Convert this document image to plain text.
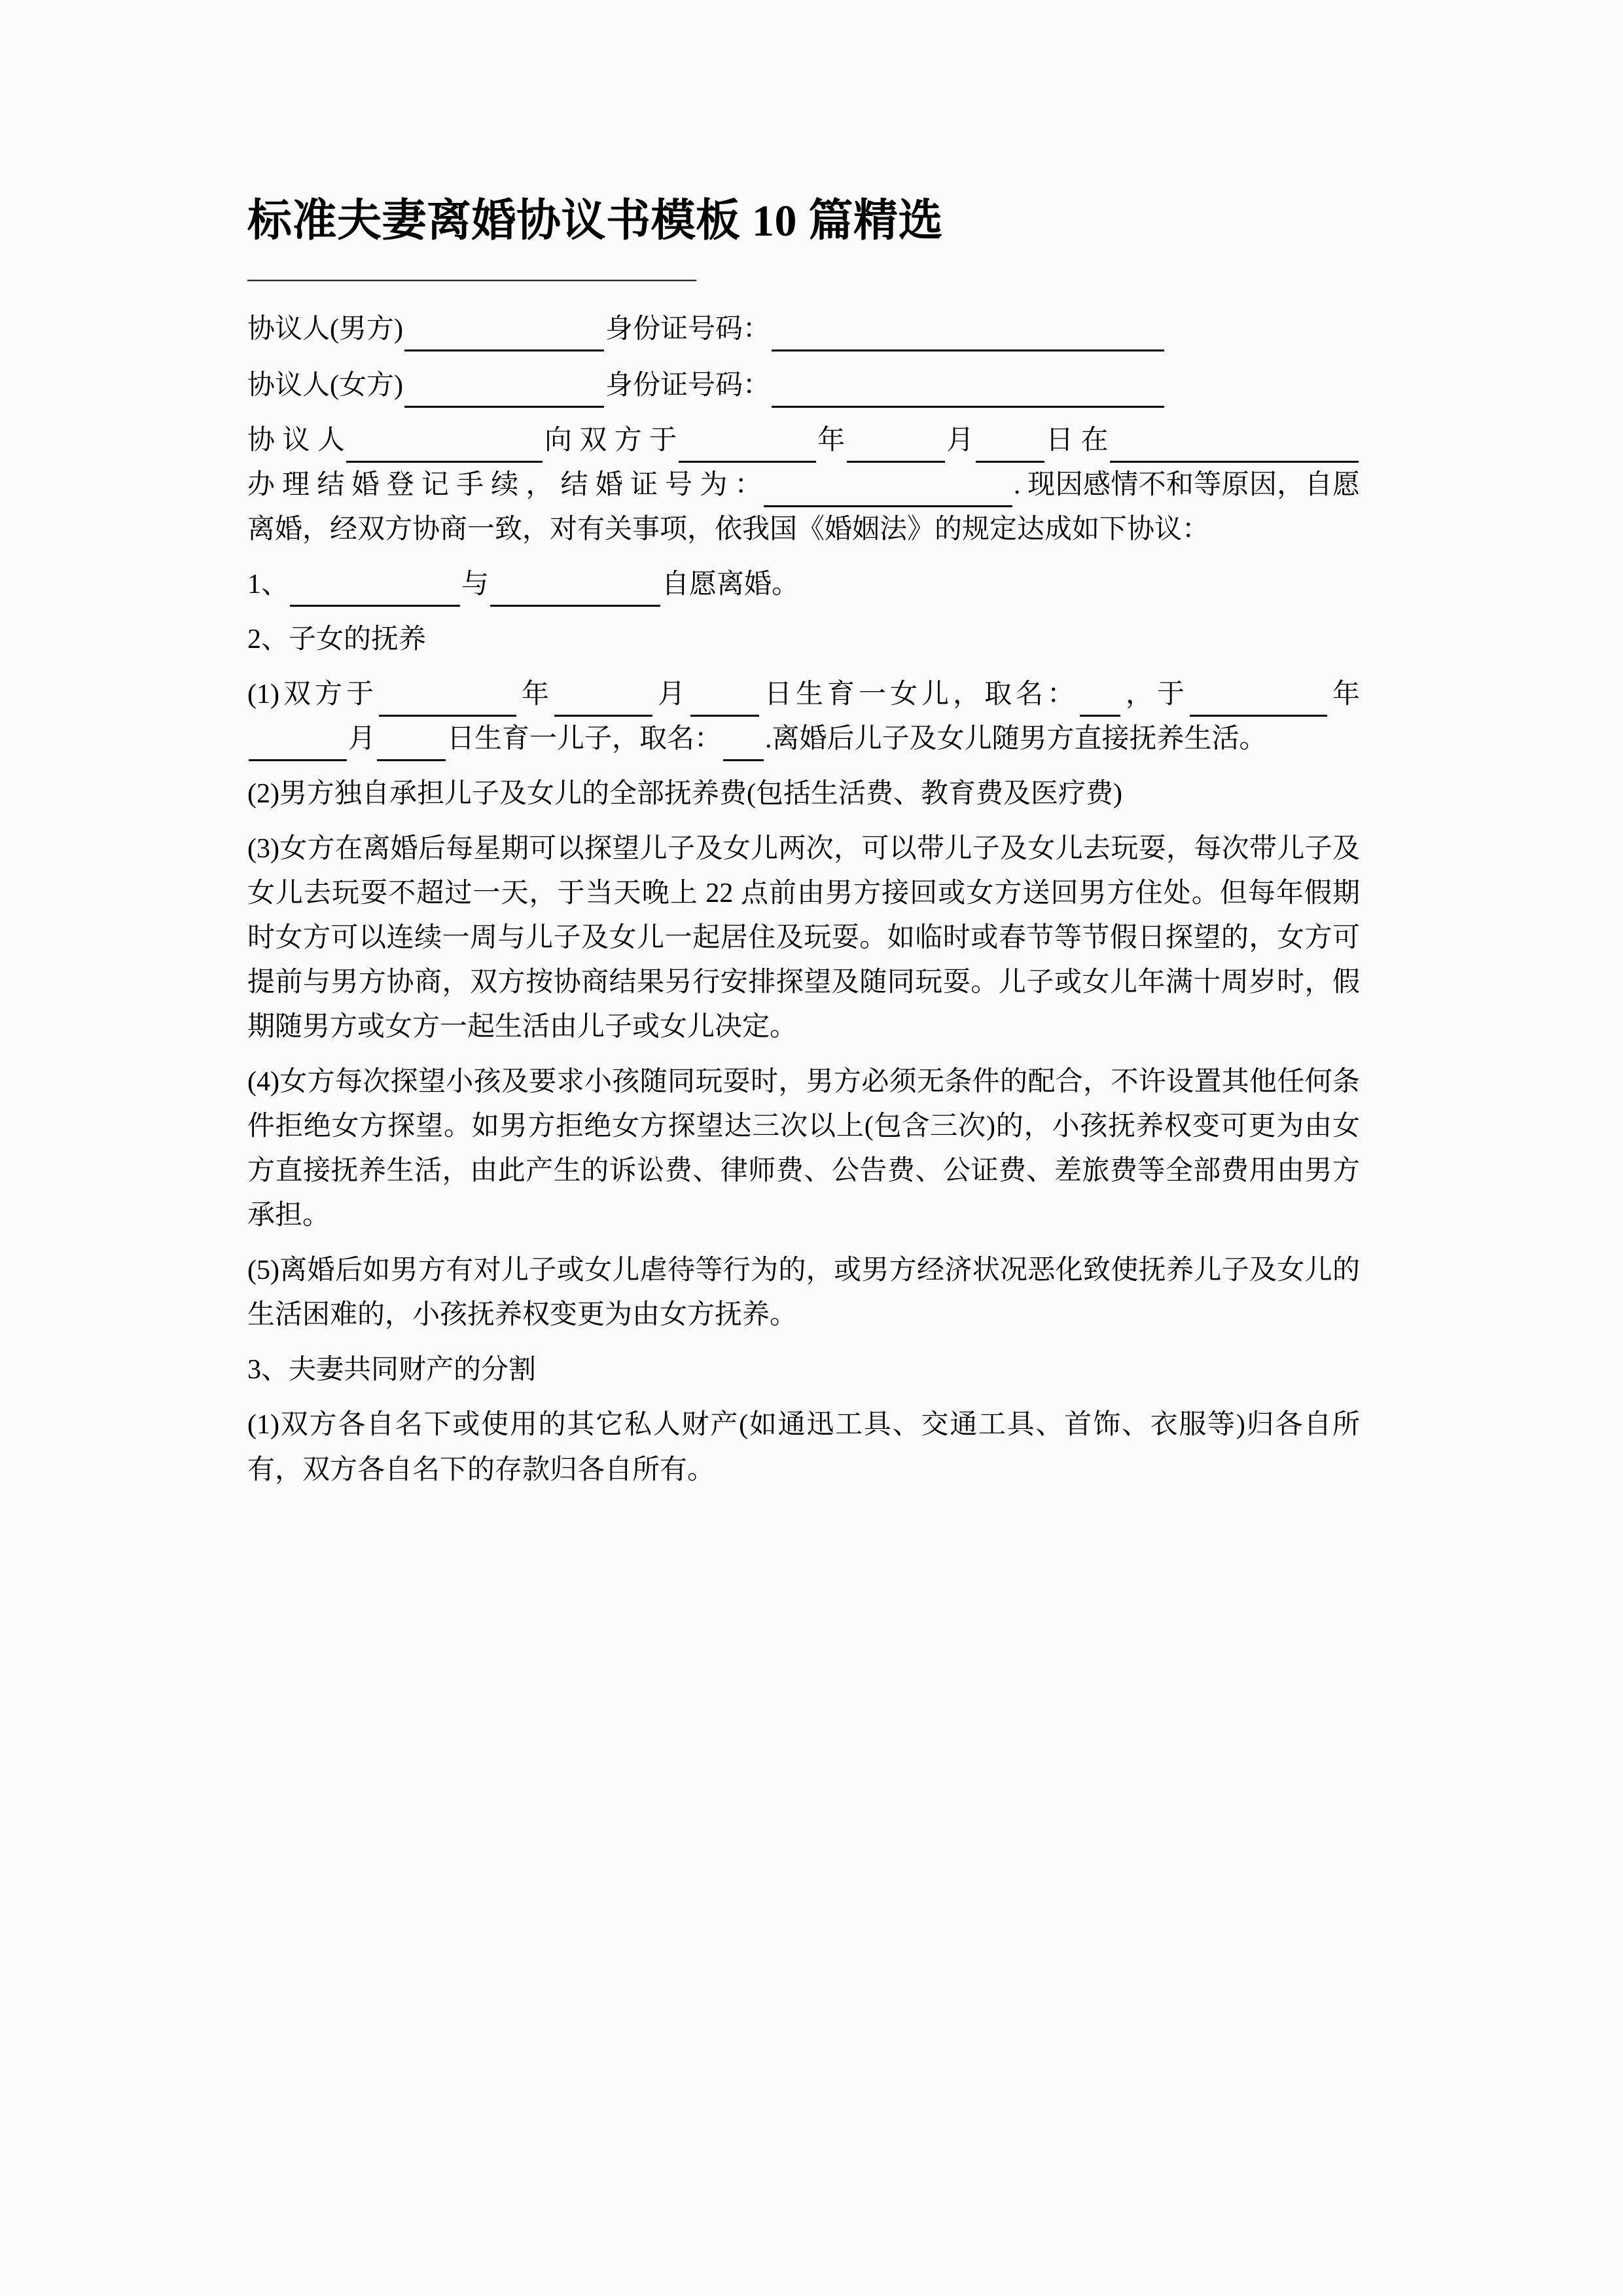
标准夫妻离婚协议书模板 10 篇精选
——————————————————
协议人(男方)	身份证号码：
协议人(女方)	身份证号码：

协 议 人	向 双 方 于	年	月	日 在办 理 结 婚 登 记 手 续 ， 结 婚 证 号 为 ：	. 现因感情不和等原因，自愿离婚，经双方协商一致，对有关事项，依我国《婚姻法》的规定达成如下协议：

1、	与	自愿离婚。

2、子女的抚养

(1)双方于	年	月	日生育一女儿，取名： ，于	年月	日生育一儿子，取名： .离婚后儿子及女儿随男方直接抚养生活。

(2)男方独自承担儿子及女儿的全部抚养费(包括生活费、教育费及医疗费)

(3)女方在离婚后每星期可以探望儿子及女儿两次，可以带儿子及女儿去玩耍，每次带儿子及女儿去玩耍不超过一天，于当天晚上 22 点前由男方接回或女方送回男方住处。但每年假期时女方可以连续一周与儿子及女儿一起居住及玩耍。如临时或春节等节假日探望的，女方可提前与男方协商，双方按协商结果另行安排探望及随同玩耍。儿子或女儿年满十周岁时，假期随男方或女方一起生活由儿子或女儿决定。

(4)女方每次探望小孩及要求小孩随同玩耍时，男方必须无条件的配合，不许设置其他任何条件拒绝女方探望。如男方拒绝女方探望达三次以上(包含三次)的，小孩抚养权变可更为由女方直接抚养生活，由此产生的诉讼费、律师费、公告费、公证费、差旅费等全部费用由男方承担。

(5)离婚后如男方有对儿子或女儿虐待等行为的，或男方经济状况恶化致使抚养儿子及女儿的生活困难的，小孩抚养权变更为由女方抚养。

3、夫妻共同财产的分割

(1)双方各自名下或使用的其它私人财产(如通迅工具、交通工具、首饰、衣服等)归各自所有，双方各自名下的存款归各自所有。
